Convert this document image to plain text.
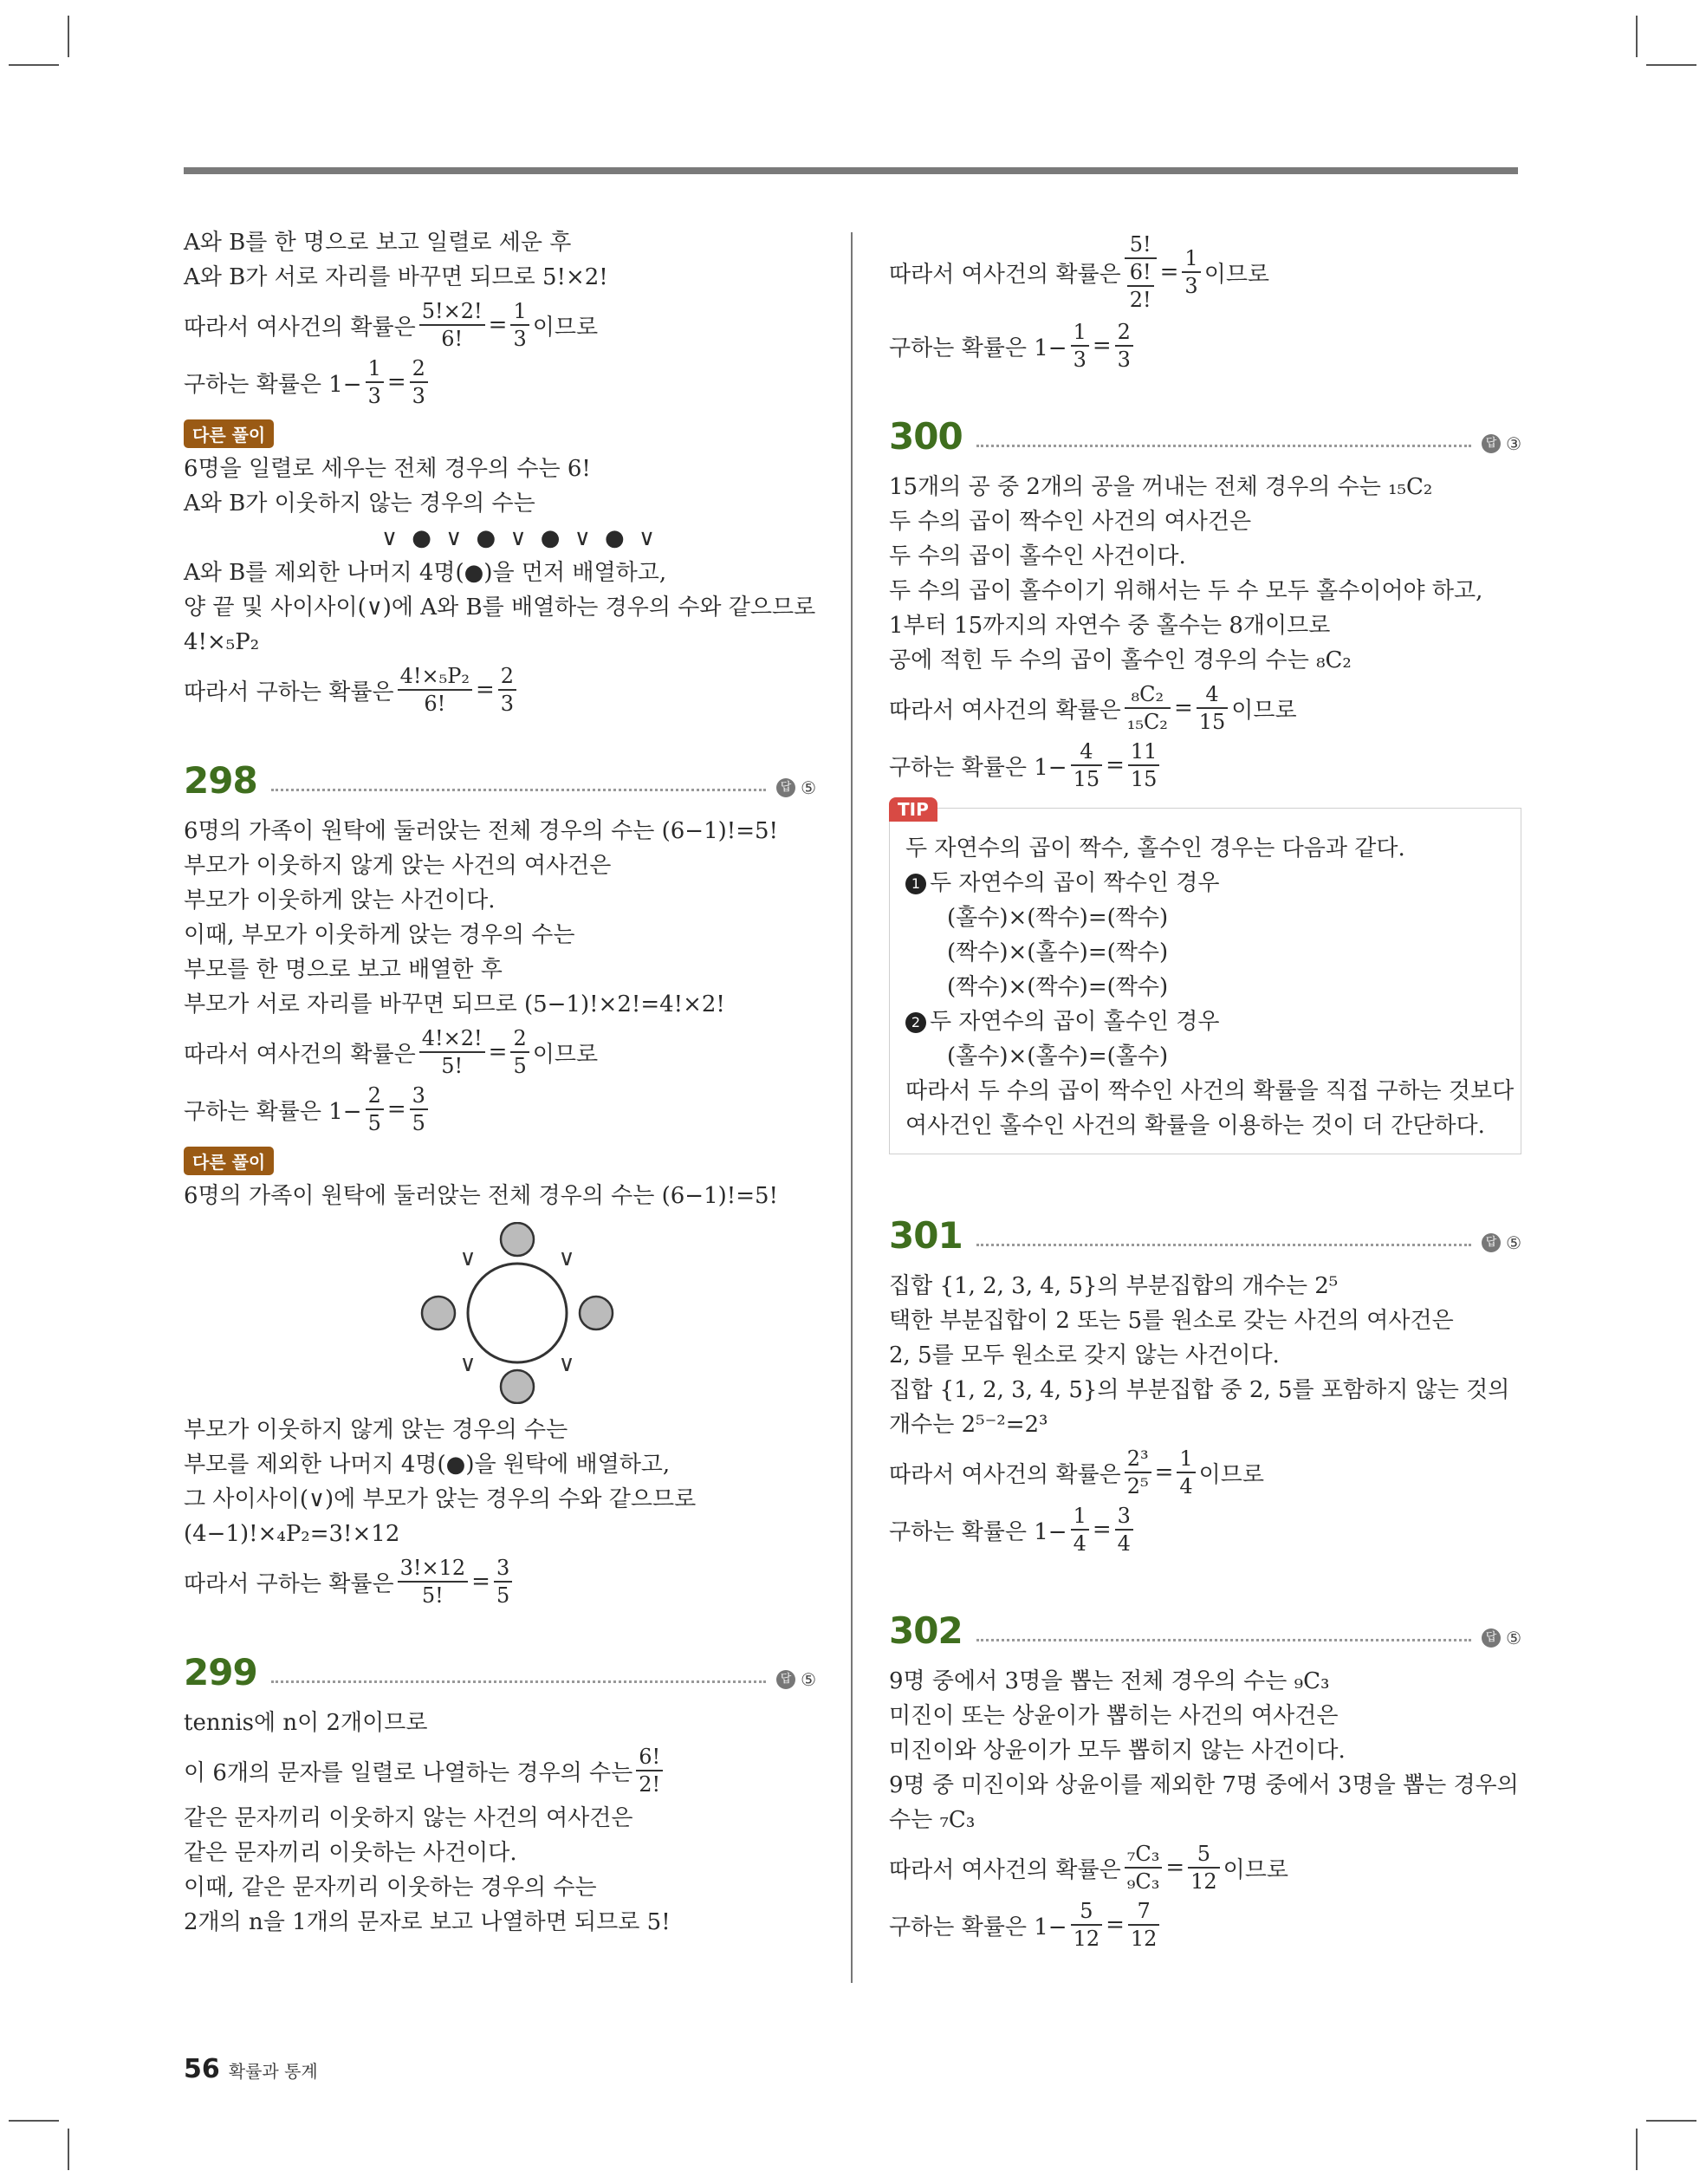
A와 B를 한 명으로 보고 일렬로 세운 후
A와 B가 서로 자리를 바꾸면 되므로 5!×2!
따라서 여사건의 확률은 $\frac{5!\times 2!}{6!} = \frac{1}{3}$ 이므로
구하는 확률은 $1- \frac{1}{3} = \frac{2}{3}$
다른 풀이
6명을 일렬로 세우는 전체 경우의 수는 6!
A와 B가 이웃하지 않는 경우의 수는
∨ ● ∨ ● ∨ ● ∨ ● ∨
A와 B를 제외한 나머지 4명(●)을 먼저 배열하고,
양 끝 및 사이사이(∨)에 A와 B를 배열하는 경우의 수와 같으므로
4!×₅P₂
따라서 구하는 확률은 $\frac{\text{4!×₅P₂}}{6!} = \frac{2}{3}$
298	답 ⑤
6명의 가족이 원탁에 둘러앉는 전체 경우의 수는 (6−1)!=5!
부모가 이웃하지 않게 앉는 사건의 여사건은
부모가 이웃하게 앉는 사건이다.
이때, 부모가 이웃하게 앉는 경우의 수는
부모를 한 명으로 보고 배열한 후
부모가 서로 자리를 바꾸면 되므로 (5−1)!×2!=4!×2!
따라서 여사건의 확률은 $\frac{4!\times 2!}{5!} = \frac{2}{5}$ 이므로
구하는 확률은 $1- \frac{2}{5} = \frac{3}{5}$
다른 풀이
6명의 가족이 원탁에 둘러앉는 전체 경우의 수는 (6−1)!=5!
∨	∨
∨	∨
부모가 이웃하지 않게 앉는 경우의 수는
부모를 제외한 나머지 4명(●)을 원탁에 배열하고,
그 사이사이(∨)에 부모가 앉는 경우의 수와 같으므로
(4−1)!×₄P₂=3!×12
따라서 구하는 확률은 $\frac{3!\times 12}{5!} = \frac{3}{5}$
299	답 ⑤
tennis에 n이 2개이므로
이 6개의 문자를 일렬로 나열하는 경우의 수는 $\frac{6!}{2!}$
같은 문자끼리 이웃하지 않는 사건의 여사건은
같은 문자끼리 이웃하는 사건이다.
이때, 같은 문자끼리 이웃하는 경우의 수는
2개의 n을 1개의 문자로 보고 나열하면 되므로 5!
따라서 여사건의 확률은 5!
6!
2! = $\frac{1}{3}$ 이므로
구하는 확률은 $1- \frac{1}{3} = \frac{2}{3}$
300	답 ③
15개의 공 중 2개의 공을 꺼내는 전체 경우의 수는 ₁₅C₂
두 수의 곱이 짝수인 사건의 여사건은
두 수의 곱이 홀수인 사건이다.
두 수의 곱이 홀수이기 위해서는 두 수 모두 홀수이어야 하고,
1부터 15까지의 자연수 중 홀수는 8개이므로
공에 적힌 두 수의 곱이 홀수인 경우의 수는 ₈C₂
따라서 여사건의 확률은 $\frac{\text{₈C₂}}{\text{₁₅C₂}} = \frac{4}{15}$ 이므로
구하는 확률은 $1- \frac{4}{15} = \frac{11}{15}$
TIP
두 자연수의 곱이 짝수, 홀수인 경우는 다음과 같다.
1 두 자연수의 곱이 짝수인 경우
(홀수)×(짝수)=(짝수)
(짝수)×(홀수)=(짝수)
(짝수)×(짝수)=(짝수)
2 두 자연수의 곱이 홀수인 경우
(홀수)×(홀수)=(홀수)
따라서 두 수의 곱이 짝수인 사건의 확률을 직접 구하는 것보다
여사건인 홀수인 사건의 확률을 이용하는 것이 더 간단하다.
301	답 ⑤
집합 {1, 2, 3, 4, 5}의 부분집합의 개수는 2⁵
택한 부분집합이 2 또는 5를 원소로 갖는 사건의 여사건은
2, 5를 모두 원소로 갖지 않는 사건이다.
집합 {1, 2, 3, 4, 5}의 부분집합 중 2, 5를 포함하지 않는 것의
개수는 2⁵⁻²=2³
따라서 여사건의 확률은 $\frac{\text{2³}}{\text{2⁵}} = \frac{1}{4}$ 이므로
구하는 확률은 $1- \frac{1}{4} = \frac{3}{4}$
302	답 ⑤
9명 중에서 3명을 뽑는 전체 경우의 수는 ₉C₃
미진이 또는 상윤이가 뽑히는 사건의 여사건은
미진이와 상윤이가 모두 뽑히지 않는 사건이다.
9명 중 미진이와 상윤이를 제외한 7명 중에서 3명을 뽑는 경우의
수는 ₇C₃
따라서 여사건의 확률은 $\frac{\text{₇C₃}}{\text{₉C₃}} = \frac{5}{12}$ 이므로
구하는 확률은 $1- \frac{5}{12} = \frac{7}{12}$
56 확률과 통계
